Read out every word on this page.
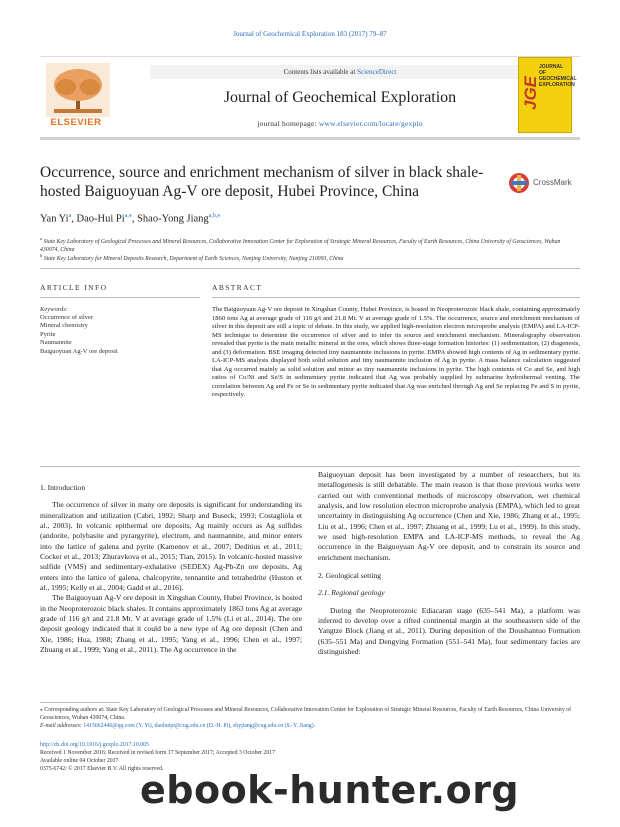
Journal of Geochemical Exploration 183 (2017) 79–87
ELSEVIER
Contents lists available at ScienceDirect
Journal of Geochemical Exploration
journal homepage: www.elsevier.com/locate/gexplo
JGE
JOURNAL OF GEOCHEMICAL EXPLORATION
Occurrence, source and enrichment mechanism of silver in black shale-hosted Baiguoyuan Ag-V ore deposit, Hubei Province, China
CrossMark
Yan Yi$^a$, Dao-Hui $Pi^{a,⁎}$, Shao-Yong Jiang$^{a,b,⁎}$
$^a$ State Key Laboratory of Geological Processes and Mineral Resources, Collaborative Innovation Center for Exploration of Strategic Mineral Resources, Faculty of Earth Resources, China University of Geosciences, Wuhan 430074, China
$^b$ State Key Laboratory for Mineral Deposits Research, Department of Earth Sciences, Nanjing University, Nanjing 210093, China
ARTICLE INFO	ABSTRACT
Keywords:
Occurrence of silver
Mineral chemistry
Pyrite
Naumannite
Baiguoyuan Ag-V ore deposit
The Baiguoyuan Ag-V ore deposit in Xingshan County, Hubei Province, is hosted in Neoproterozoic black shale, containing approximately 1860 tons Ag at average grade of 116 g/t and 21.8 Mt. V at average grade of 1.5%. The occurrence, source and enrichment mechanism of silver in this deposit are still a topic of debate. In this study, we applied high-resolution electron microprobe analysis (EMPA) and LA-ICP-MS technique to determine the occurrence of silver and to infer its source and enrichment mechanism. Mineralography observation revealed that pyrite is the main metallic mineral in the ores, which shows three-stage formation histories: (1) sedimentation, (2) diagenesis, and (3) deformation. BSE imaging detected tiny naumannite inclusions in pyrite. EMPA showed high contents of Ag in sedimentary pyrite. LA-ICP-MS analysis displayed both solid solution and tiny naumannite inclusion of Ag in pyrite. A mass balance calculation suggested that Ag occurred mainly as solid solution and minor as tiny naumannite inclusions in pyrite. The high contents of Co and Se, and high ratios of Co/Ni and Se/S in sedimentary pyrite indicated that Ag was probably supplied by submarine hydrothermal venting. The correlation between Ag and Fe or Se in sedimentary pyrite indicated that Ag was enriched through Ag and Se replacing Fe and S in pyrite, respectively.

1. Introduction

The occurrence of silver in many ore deposits is significant for understanding its mineralization and utilization (Cabri, 1992; Sharp and Buseck, 1993; Costagliola et al., 2003). In volcanic epithermal ore deposits, Ag mainly occurs as Ag sulfides (andorite, polybasite and pyrargyrite), electrum, and naumannite, and minor enters into the lattice of galena and pyrite (Kamenov et al., 2007; Deditius et al., 2011; Cocker et al., 2013; Zhuravkova et al., 2015; Tian, 2015). In volcanic-hosted massive sulfide (VMS) and sedimentary-exhalative (SEDEX) Ag-Pb-Zn ore deposits, Ag enters into the lattice of galena, chalcopyrite, tennantite and tetrahedrite (Huston et al., 1995; Kelly et al., 2004; Gadd et al., 2016).

The Baiguoyuan Ag-V ore deposit in Xingshan County, Hubei Province, is hosted in the Neoproterozoic black shales. It contains approximately 1863 tons Ag at average grade of 116 g/t and 21.8 Mt. V at average grade of 1.5% (Li et al., 2014). The ore deposit geology indicated that it could be a new type of Ag ore deposit (Chen and Xie, 1986; Hua, 1988; Zhang et al., 1995; Yang et al., 1996; Chen et al., 1997; Zhuang et al., 1999; Yang et al., 2011). The Ag occurrence in the

Baiguoyuan deposit has been investigated by a number of researchers, but its metallogenesis is still debatable. The main reason is that those previous works were carried out with conventional methods of microscopy observation, wet chemical analysis, and low resolution electron microprobe analysis (EMPA), which led to great uncertainty in distinguishing Ag occurrence (Chen and Xie, 1986; Zhang et al., 1995; Liu et al., 1996; Chen et al., 1997; Zhuang et al., 1999; Lu et al., 1999). In this study, we used high-resolution EMPA and LA-ICP-MS methods, to reveal the Ag occurrence in the Baiguoyuan Ag-V ore deposit, and to constrain its source and enrichment mechanism.

2. Geological setting

2.1. Regional geology

During the Neoproterozoic Ediacaran stage (635–541 Ma), a platform was inferred to develop over a rifted continental margin at the southeastern side of the Yangtze Block (Jiang et al., 2011). During deposition of the Doushantuo Formation (635–551 Ma) and Dengying Formation (551–541 Ma), four sedimentary facies are distinguished:

⁎ Corresponding authors at: State Key Laboratory of Geological Processes and Mineral Resources, Collaborative Innovation Center for Exploration of Strategic Mineral Resources, Faculty of Earth Resources, China University of Geosciences, Wuhan 430074, China.
E-mail addresses: 1415662446@qq.com (Y. Yi), daohuipi@cug.edu.cn (D.-H. Pi), shyjiang@cug.edu.cn (S.-Y. Jiang).
http://dx.doi.org/10.1016/j.gexplo.2017.10.005
Received 1 November 2016; Received in revised form 17 September 2017; Accepted 3 October 2017
Available online 04 October 2017
0375-6742/ © 2017 Elsevier B.V. All rights reserved.
ebook-hunter.org
